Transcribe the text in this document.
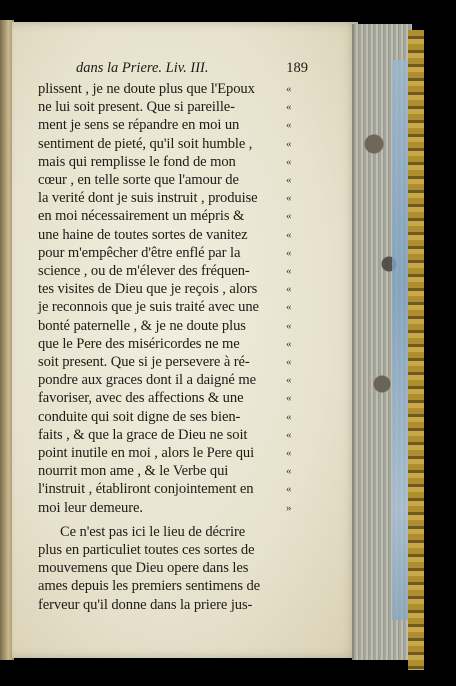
dans la Priere. Liv. III.	189
plissent , je ne doute plus que l'Epoux	«
ne lui soit present. Que si pareille-	«
ment je sens se répandre en moi un	«
sentiment de pieté, qu'il soit humble ,	«
mais qui remplisse le fond de mon	«
cœur , en telle sorte que l'amour de	«
la verité dont je suis instruit , produise	«
en moi nécessairement un mépris &	«
une haine de toutes sortes de vanitez	«
pour m'empêcher d'être enflé par la	«
science , ou de m'élever des fréquen-	«
tes visites de Dieu que je reçois , alors	«
je reconnois que je suis traité avec une «
bonté paternelle , & je ne doute plus	«
que le Pere des miséricordes ne me	«
soit present. Que si je persevere à ré-	«
pondre aux graces dont il a daigné me	«
favoriser, avec des affections & une	«
conduite qui soit digne de ses bien-	«
faits , & que la grace de Dieu ne soit	«
point inutile en moi , alors le Pere qui	«
nourrit mon ame , & le Verbe qui	«
l'instruit , établiront conjointement en	«
moi leur demeure.	»
Ce n'est pas ici le lieu de décrire
plus en particuliet toutes ces sortes de
mouvemens que Dieu opere dans les
ames depuis les premiers sentimens de
ferveur qu'il donne dans la priere jus-
